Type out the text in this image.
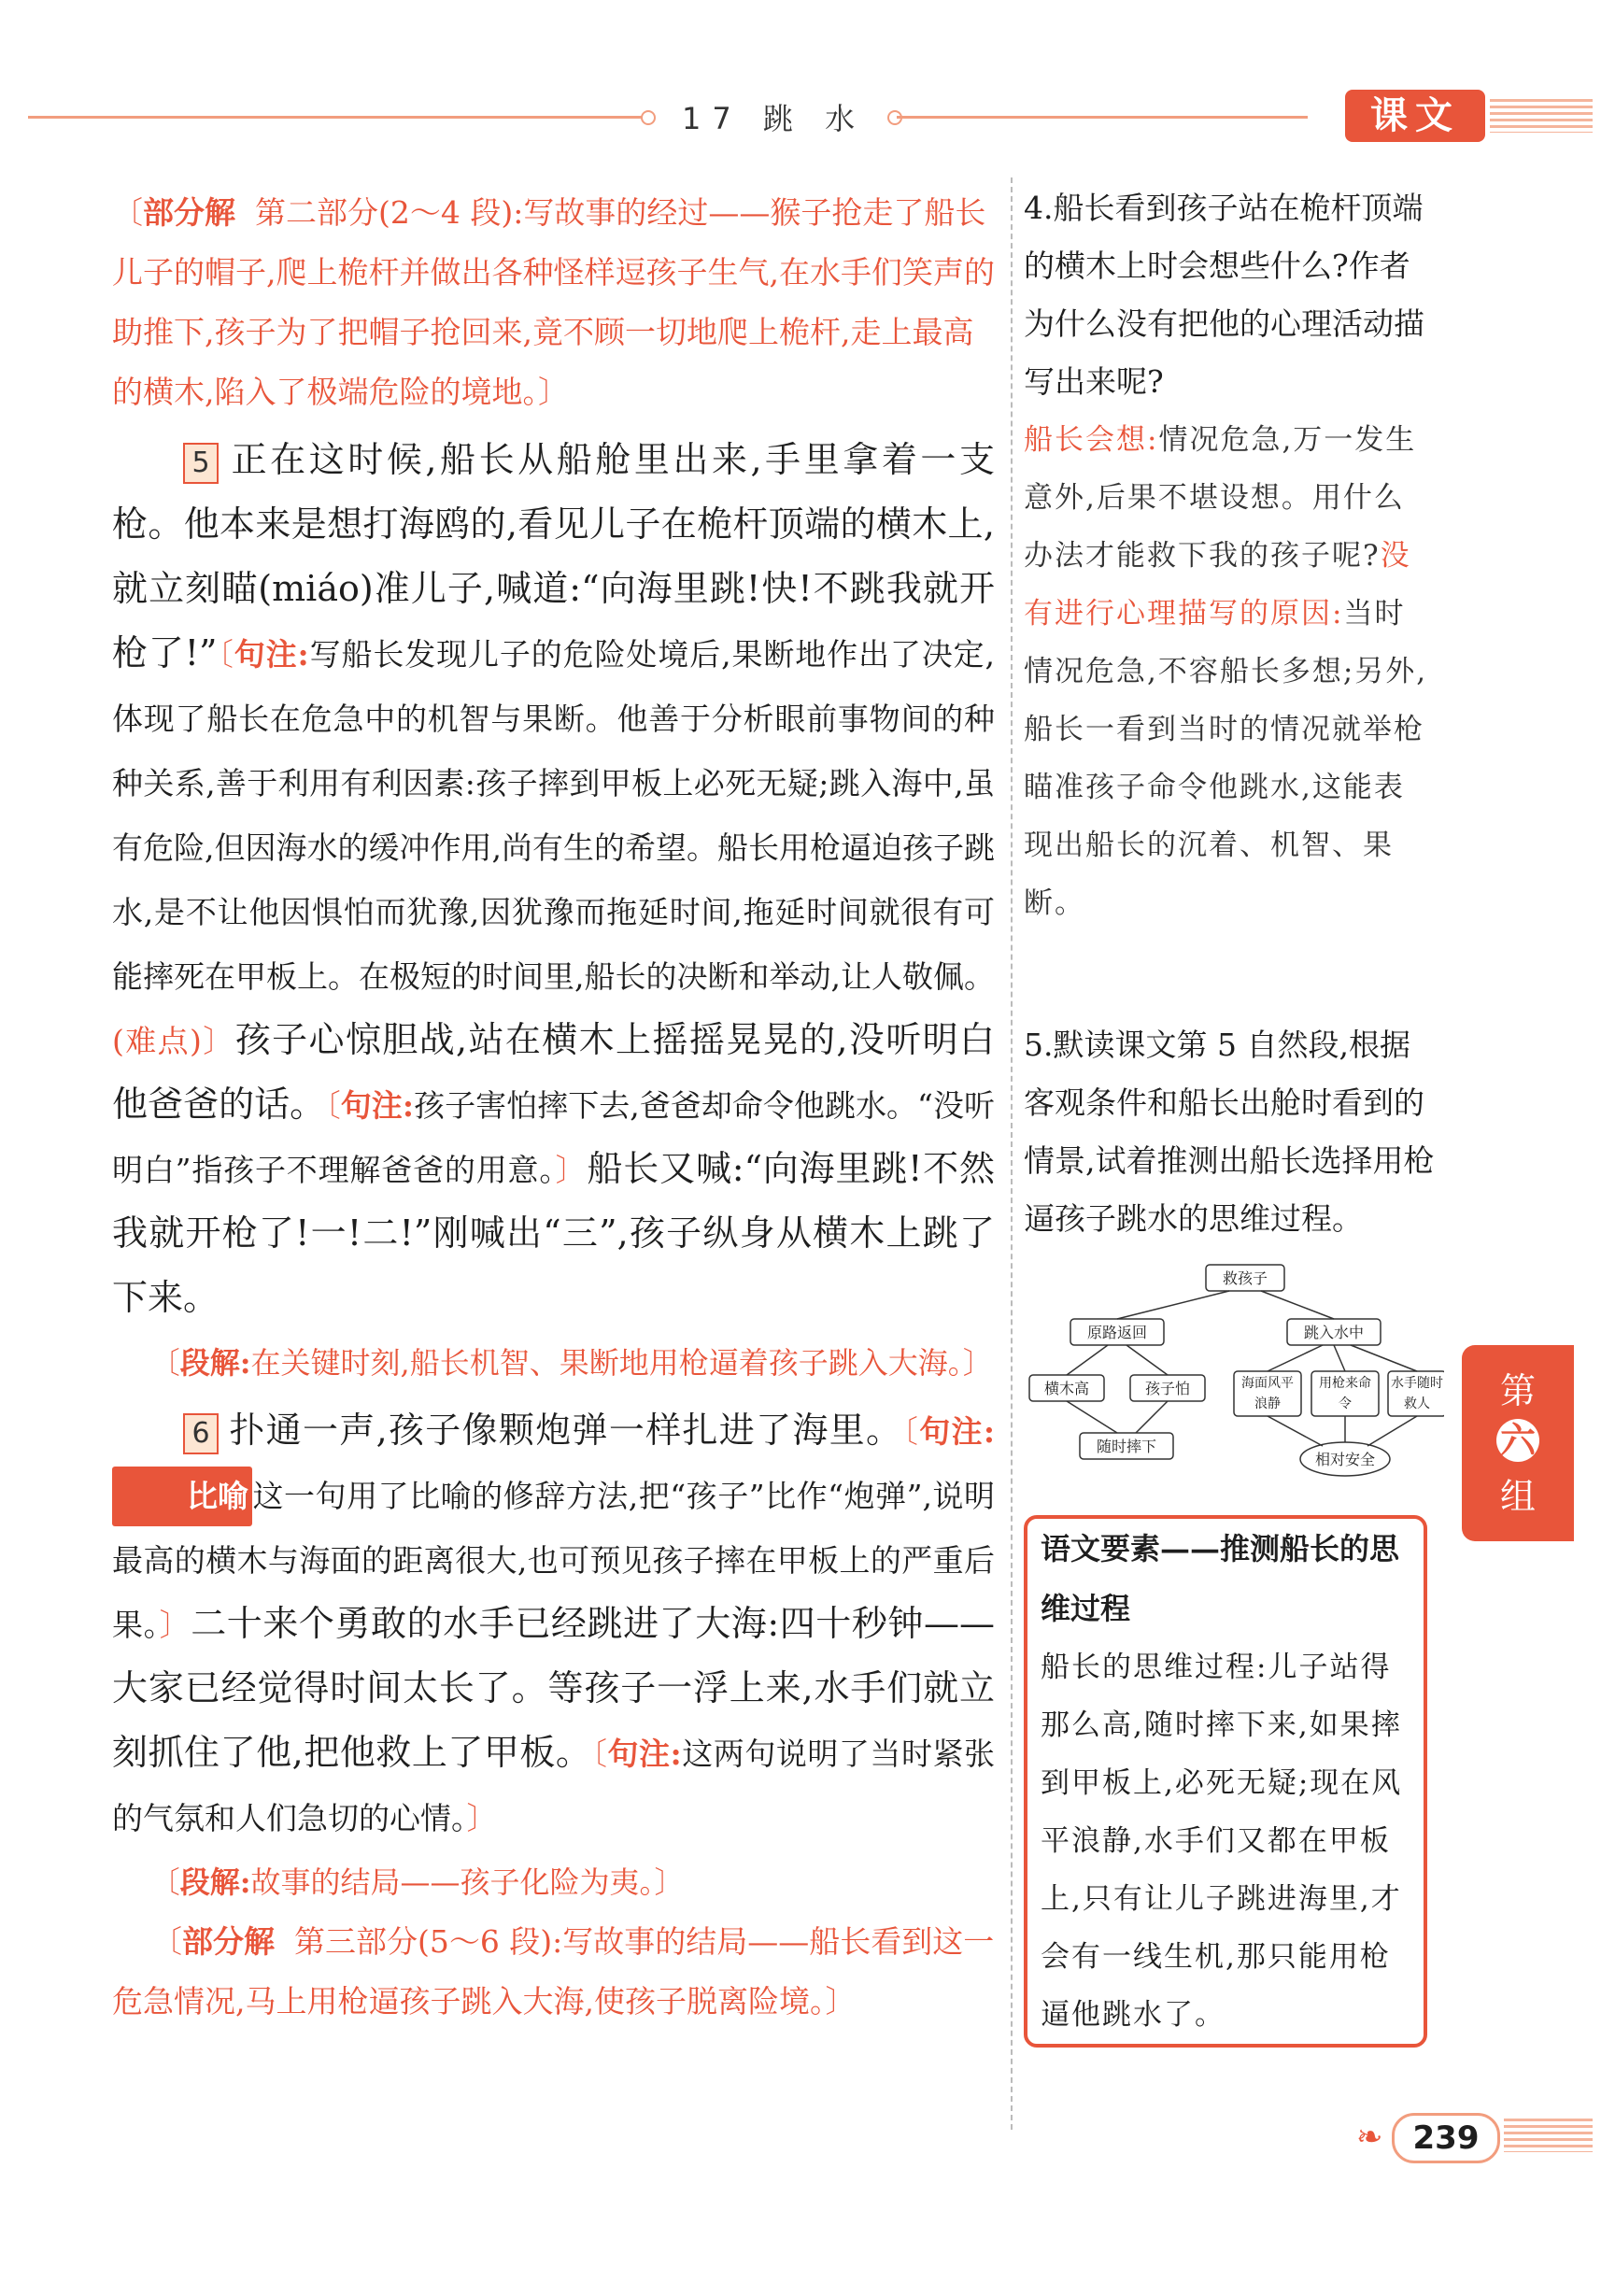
17 跳 水	课文

〔部分解 第二部分(2～4 段):写故事的经过——猴子抢走了船长儿子的帽子,爬上桅杆并做出各种怪样逗孩子生气,在水手们笑声的助推下,孩子为了把帽子抢回来,竟不顾一切地爬上桅杆,走上最高的横木,陷入了极端危险的境地。〕

5 正在这时候,船长从船舱里出来,手里拿着一支枪。他本来是想打海鸥的,看见儿子在桅杆顶端的横木上,就立刻瞄(miáo)准儿子,喊道:“向海里跳!快!不跳我就开枪了!”〔句注:写船长发现儿子的危险处境后,果断地作出了决定,体现了船长在危急中的机智与果断。他善于分析眼前事物间的种种关系,善于利用有利因素:孩子摔到甲板上必死无疑;跳入海中,虽有危险,但因海水的缓冲作用,尚有生的希望。船长用枪逼迫孩子跳水,是不让他因惧怕而犹豫,因犹豫而拖延时间,拖延时间就很有可能摔死在甲板上。在极短的时间里,船长的决断和举动,让人敬佩。(难点)〕孩子心惊胆战,站在横木上摇摇晃晃的,没听明白他爸爸的话。〔句注:孩子害怕摔下去,爸爸却命令他跳水。“没听明白”指孩子不理解爸爸的用意。〕船长又喊:“向海里跳!不然我就开枪了!一!二!”刚喊出“三”,孩子纵身从横木上跳了下来。

〔段解:在关键时刻,船长机智、果断地用枪逼着孩子跳入大海。〕

6 扑通一声,孩子像颗炮弹一样扎进了海里。〔句注:比喻 这一句用了比喻的修辞方法,把“孩子”比作“炮弹”,说明最高的横木与海面的距离很大,也可预见孩子摔在甲板上的严重后果。〕二十来个勇敢的水手已经跳进了大海:四十秒钟——大家已经觉得时间太长了。等孩子一浮上来,水手们就立刻抓住了他,把他救上了甲板。〔句注:这两句说明了当时紧张的气氛和人们急切的心情。〕

〔段解:故事的结局——孩子化险为夷。〕

〔部分解 第三部分(5～6 段):写故事的结局——船长看到这一危急情况,马上用枪逼孩子跳入大海,使孩子脱离险境。〕

4.船长看到孩子站在桅杆顶端的横木上时会想些什么?作者为什么没有把他的心理活动描写出来呢?

船长会想:情况危急,万一发生意外,后果不堪设想。用什么办法才能救下我的孩子呢?没有进行心理描写的原因:当时情况危急,不容船长多想;另外,船长一看到当时的情况就举枪瞄准孩子命令他跳水,这能表现出船长的沉着、机智、果断。

5.默读课文第 5 自然段,根据客观条件和船长出舱时看到的情景,试着推测出船长选择用枪逼孩子跳水的思维过程。

救孩子
原路返回	跳入水中
横木高	孩子怕
随时摔下
海面风平浪静
用枪来命令
水手随时救人
相对安全

语文要素——推测船长的思维过程

船长的思维过程:儿子站得那么高,随时摔下来,如果摔到甲板上,必死无疑;现在风平浪静,水手们又都在甲板上,只有让儿子跳进海里,才会有一线生机,那只能用枪逼他跳水了。

第
六
组
❧ 239
